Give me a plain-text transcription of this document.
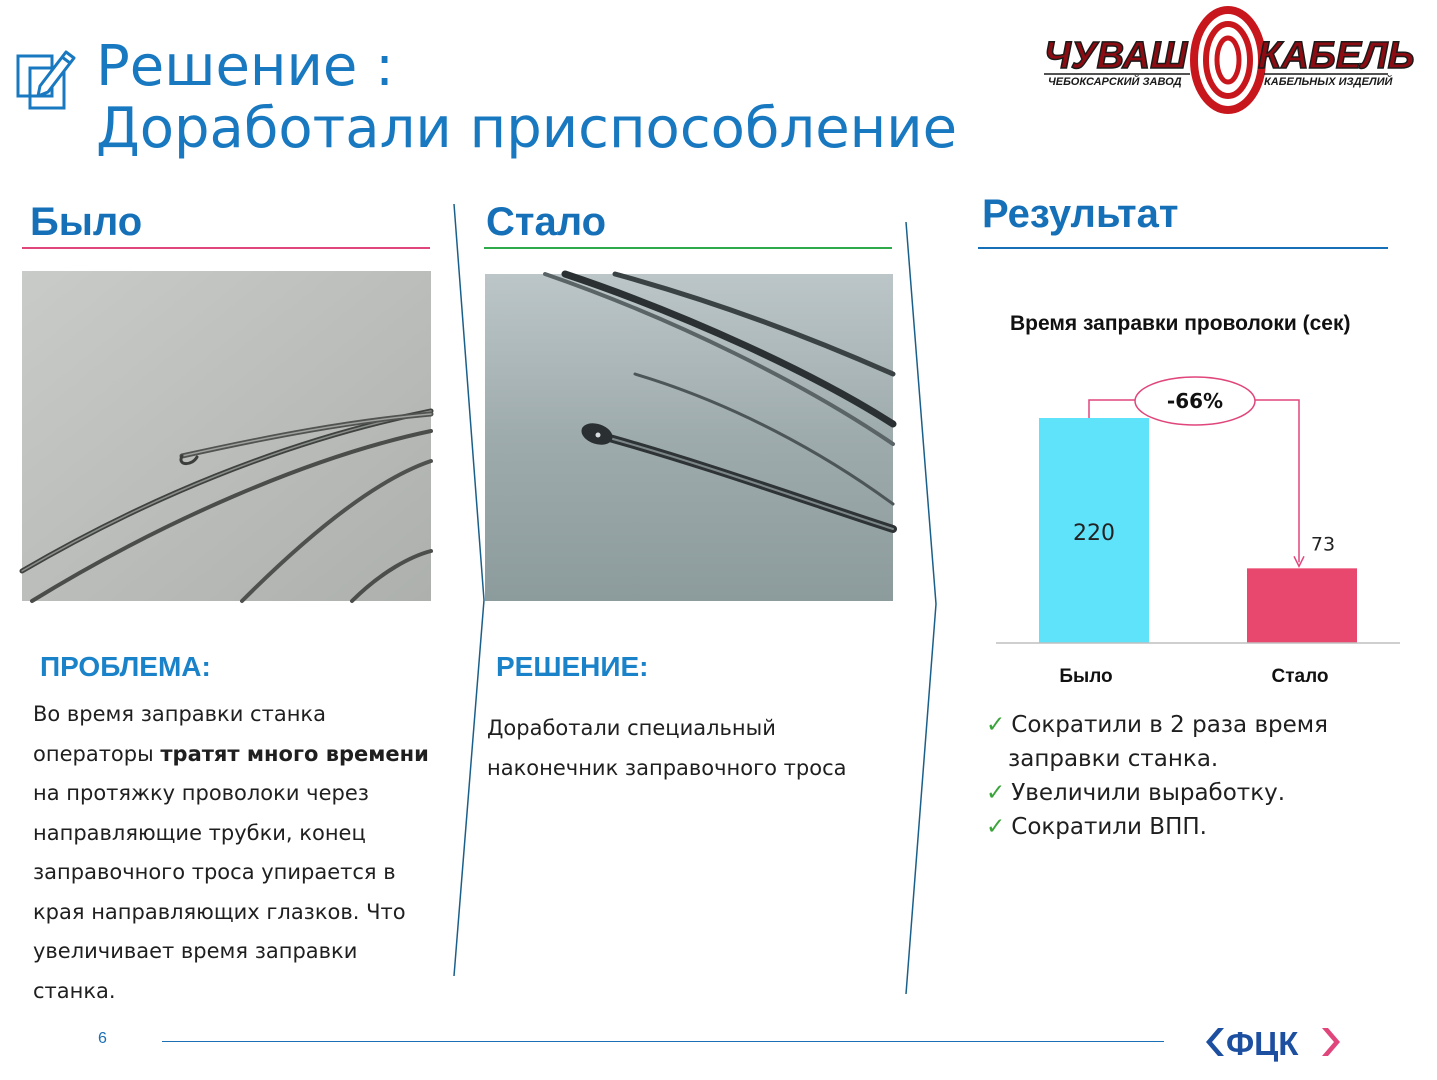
Решение :
Доработали приспособление
ЧУВАШ КАБЕЛЬ
ЧЕБОКСАРСКИЙ ЗАВОД	КАБЕЛЬНЫХ ИЗДЕЛИЙ
Было	Стало	Результат
ПРОБЛЕМА:	РЕШЕНИЕ:
Во время заправки станка операторы тратят много времени на протяжку проволоки через направляющие трубки, конец заправочного троса упирается в края направляющих глазков. Что увеличивает время заправки станка.
Доработали специальный наконечник заправочного троса
Время заправки проволоки (сек)
220	73
Было	Стало
-66%
✓ Сократили в 2 раза время заправки станка.
✓ Увеличили выработку.
✓ Сократили ВПП.
6	ФЦК
